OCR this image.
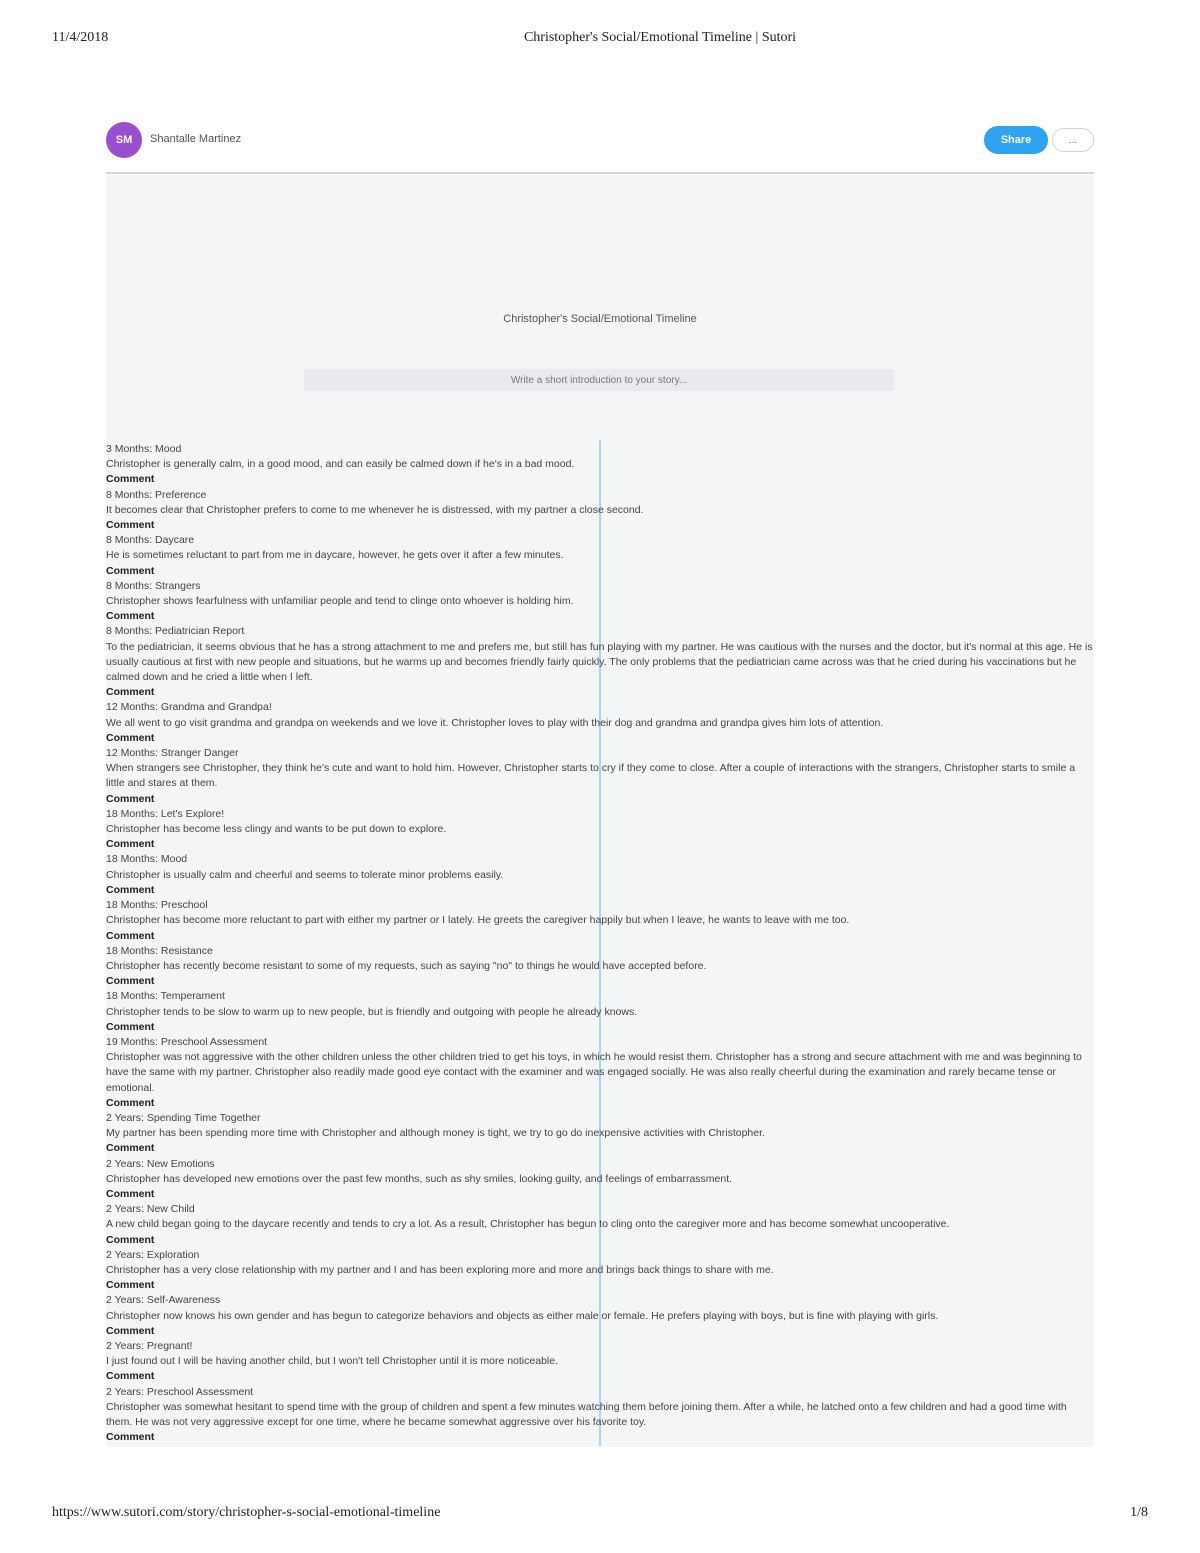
11/4/2018	Christopher's Social/Emotional Timeline | Sutori
SM Shantalle Martinez	Share	...
Christopher's Social/Emotional Timeline
Write a short introduction to your story...
3 Months: Mood
Christopher is generally calm, in a good mood, and can easily be calmed down if he's in a bad mood.
Comment
8 Months: Preference
It becomes clear that Christopher prefers to come to me whenever he is distressed, with my partner a close second.
Comment
8 Months: Daycare
He is sometimes reluctant to part from me in daycare, however, he gets over it after a few minutes.
Comment
8 Months: Strangers
Christopher shows fearfulness with unfamiliar people and tend to clinge onto whoever is holding him.
Comment
8 Months: Pediatrician Report
To the pediatrician, it seems obvious that he has a strong attachment to me and prefers me, but still has fun playing with my partner. He was cautious with the nurses and the doctor, but it's normal at this age. He is usually cautious at first with new people and situations, but he warms up and becomes friendly fairly quickly. The only problems that the pediatrician came across was that he cried during his vaccinations but he calmed down and he cried a little when I left.
Comment
12 Months: Grandma and Grandpa!
We all went to go visit grandma and grandpa on weekends and we love it. Christopher loves to play with their dog and grandma and grandpa gives him lots of attention.
Comment
12 Months: Stranger Danger
When strangers see Christopher, they think he's cute and want to hold him. However, Christopher starts to cry if they come to close. After a couple of interactions with the strangers, Christopher starts to smile a little and stares at them.
Comment
18 Months: Let's Explore!
Christopher has become less clingy and wants to be put down to explore.
Comment
18 Months: Mood
Christopher is usually calm and cheerful and seems to tolerate minor problems easily.
Comment
18 Months: Preschool
Christopher has become more reluctant to part with either my partner or I lately. He greets the caregiver happily but when I leave, he wants to leave with me too.
Comment
18 Months: Resistance
Christopher has recently become resistant to some of my requests, such as saying "no" to things he would have accepted before.
Comment
18 Months: Temperament
Christopher tends to be slow to warm up to new people, but is friendly and outgoing with people he already knows.
Comment
19 Months: Preschool Assessment
Christopher was not aggressive with the other children unless the other children tried to get his toys, in which he would resist them. Christopher has a strong and secure attachment with me and was beginning to have the same with my partner. Christopher also readily made good eye contact with the examiner and was engaged socially. He was also really cheerful during the examination and rarely became tense or emotional.
Comment
2 Years: Spending Time Together
My partner has been spending more time with Christopher and although money is tight, we try to go do inexpensive activities with Christopher.
Comment
2 Years: New Emotions
Christopher has developed new emotions over the past few months, such as shy smiles, looking guilty, and feelings of embarrassment.
Comment
2 Years: New Child
A new child began going to the daycare recently and tends to cry a lot. As a result, Christopher has begun to cling onto the caregiver more and has become somewhat uncooperative.
Comment
2 Years: Exploration
Christopher has a very close relationship with my partner and I and has been exploring more and more and brings back things to share with me.
Comment
2 Years: Self-Awareness
Christopher now knows his own gender and has begun to categorize behaviors and objects as either male or female. He prefers playing with boys, but is fine with playing with girls.
Comment
2 Years: Pregnant!
I just found out I will be having another child, but I won't tell Christopher until it is more noticeable.
Comment
2 Years: Preschool Assessment
Christopher was somewhat hesitant to spend time with the group of children and spent a few minutes watching them before joining them. After a while, he latched onto a few children and had a good time with them. He was not very aggressive except for one time, where he became somewhat aggressive over his favorite toy.
Comment
https://www.sutori.com/story/christopher-s-social-emotional-timeline	1/8
